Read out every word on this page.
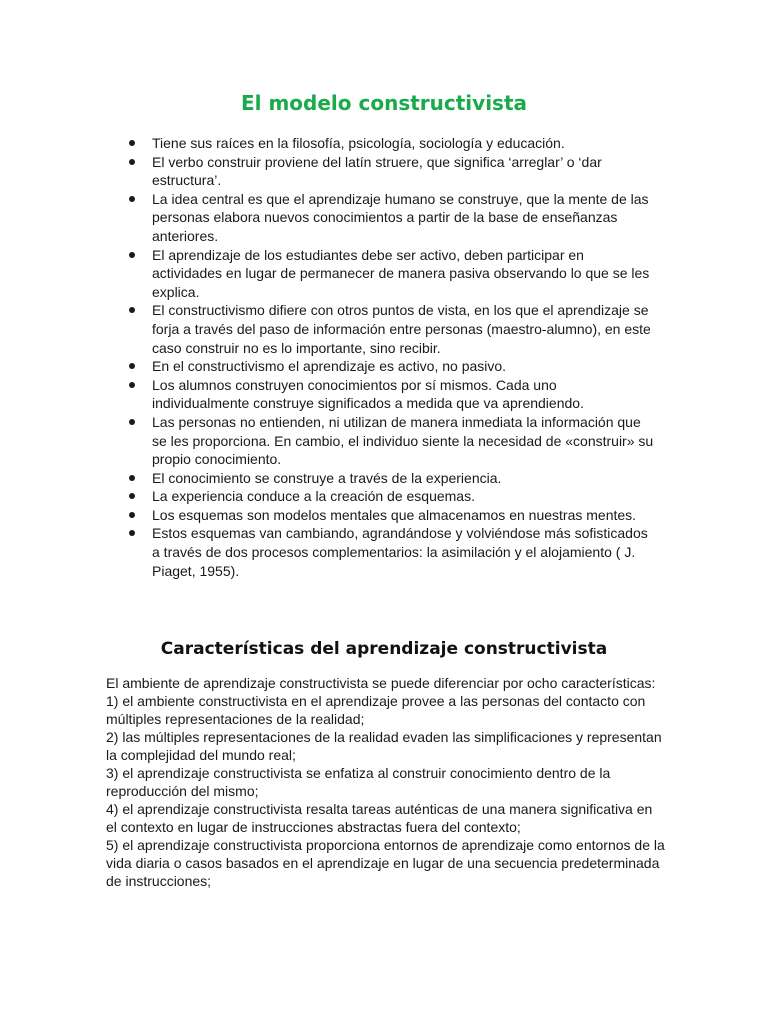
El modelo constructivista
Tiene sus raíces en la filosofía, psicología, sociología y educación.
El verbo construir proviene del latín struere, que significa ‘arreglar’ o ‘dar estructura’.
La idea central es que el aprendizaje humano se construye, que la mente de las personas elabora nuevos conocimientos a partir de la base de enseñanzas anteriores.
El aprendizaje de los estudiantes debe ser activo, deben participar en actividades en lugar de permanecer de manera pasiva observando lo que se les explica.
El constructivismo difiere con otros puntos de vista, en los que el aprendizaje se forja a través del paso de información entre personas (maestro-alumno), en este caso construir no es lo importante, sino recibir.
En el constructivismo el aprendizaje es activo, no pasivo.
Los alumnos construyen conocimientos por sí mismos. Cada uno individualmente construye significados a medida que va aprendiendo.
Las personas no entienden, ni utilizan de manera inmediata la información que se les proporciona. En cambio, el individuo siente la necesidad de «construir» su propio conocimiento.
El conocimiento se construye a través de la experiencia.
La experiencia conduce a la creación de esquemas.
Los esquemas son modelos mentales que almacenamos en nuestras mentes.
Estos esquemas van cambiando, agrandándose y volviéndose más sofisticados a través de dos procesos complementarios: la asimilación y el alojamiento ( J. Piaget, 1955).
Características del aprendizaje constructivista

El ambiente de aprendizaje constructivista se puede diferenciar por ocho características:

1) el ambiente constructivista en el aprendizaje provee a las personas del contacto con múltiples representaciones de la realidad;

2) las múltiples representaciones de la realidad evaden las simplificaciones y representan la complejidad del mundo real;

3) el aprendizaje constructivista se enfatiza al construir conocimiento dentro de la reproducción del mismo;

4) el aprendizaje constructivista resalta tareas auténticas de una manera significativa en el contexto en lugar de instrucciones abstractas fuera del contexto;

5) el aprendizaje constructivista proporciona entornos de aprendizaje como entornos de la vida diaria o casos basados en el aprendizaje en lugar de una secuencia predeterminada de instrucciones;
